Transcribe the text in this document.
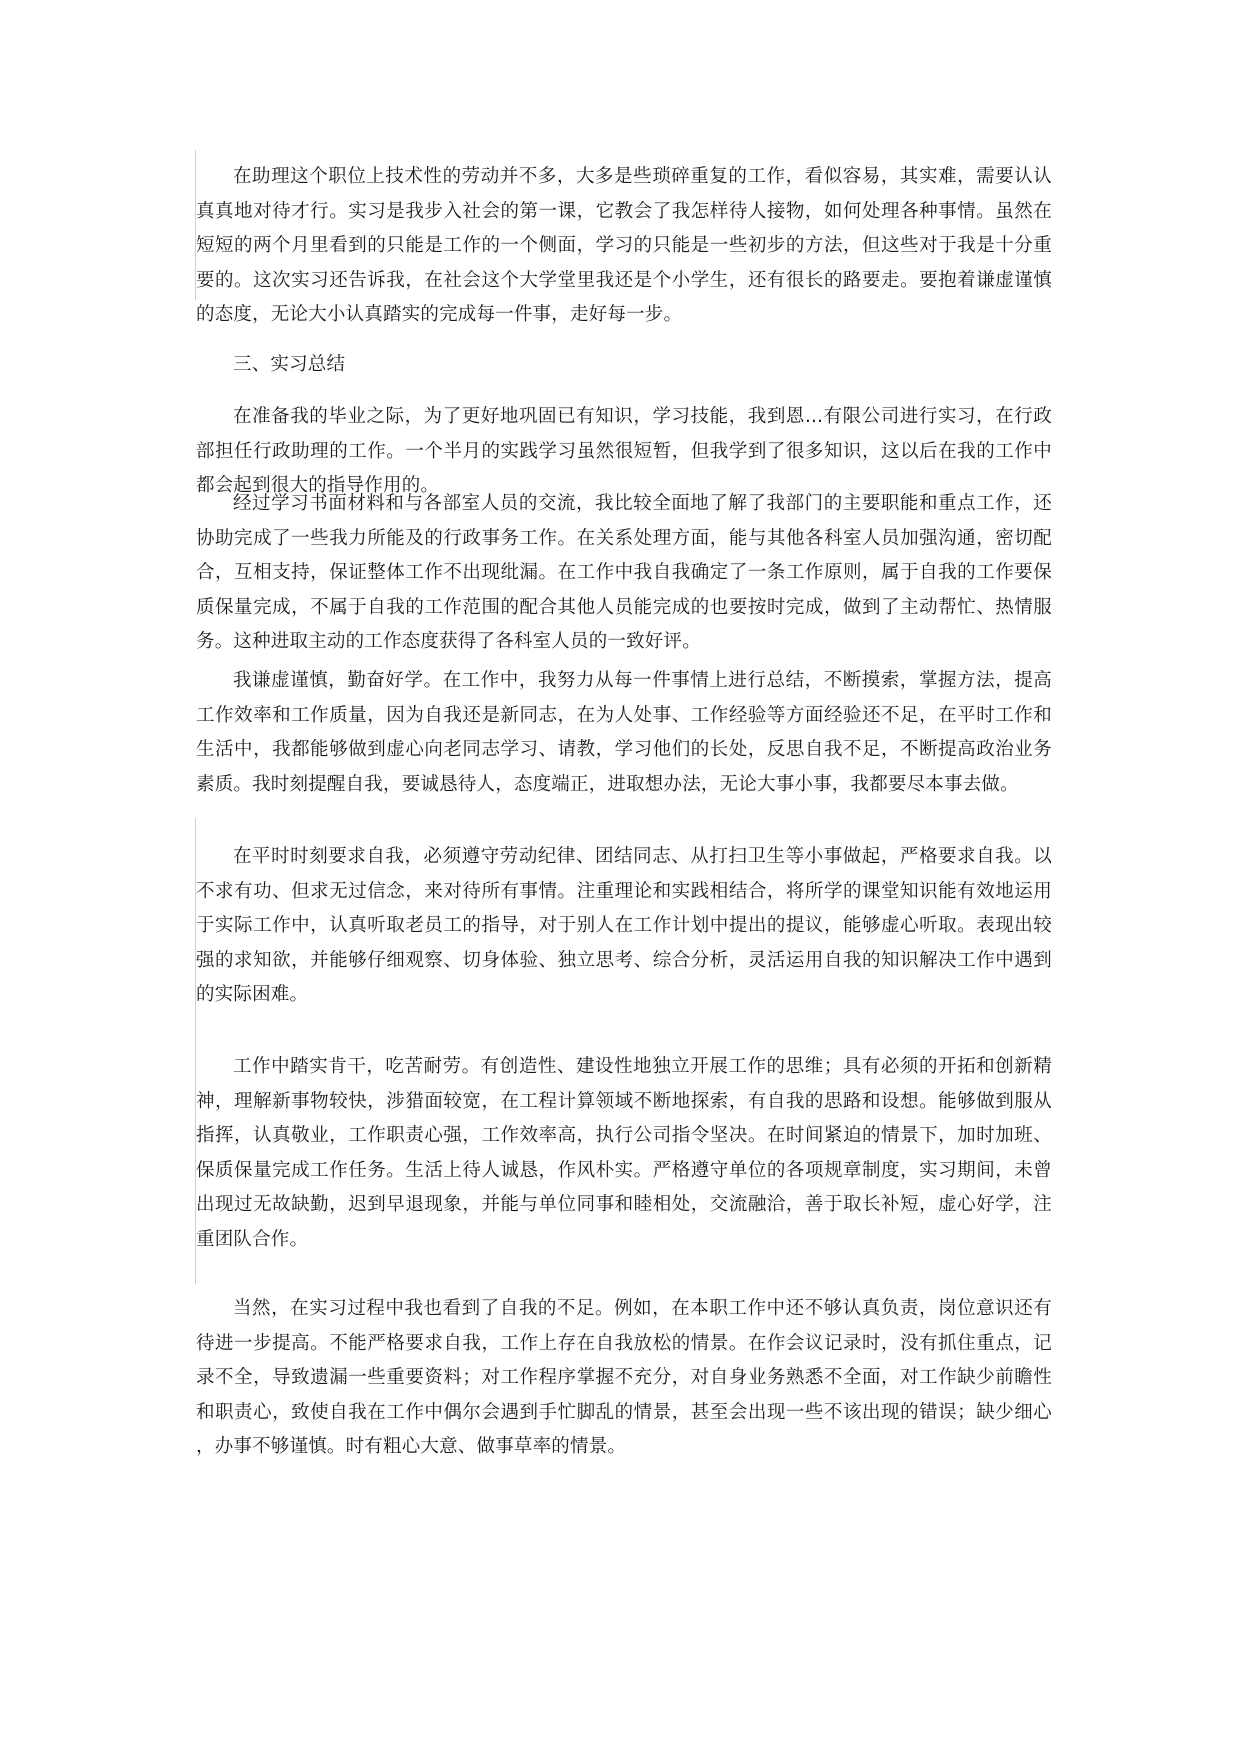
在助理这个职位上技术性的劳动并不多，大多是些琐碎重复的工作，看似容易，其实难，需要认认真真地对待才行。实习是我步入社会的第一课，它教会了我怎样待人接物，如何处理各种事情。虽然在短短的两个月里看到的只能是工作的一个侧面，学习的只能是一些初步的方法，但这些对于我是十分重要的。这次实习还告诉我，在社会这个大学堂里我还是个小学生，还有很长的路要走。要抱着谦虚谨慎的态度，无论大小认真踏实的完成每一件事，走好每一步。

三、实习总结

在准备我的毕业之际，为了更好地巩固已有知识，学习技能，我到恩...有限公司进行实习，在行政部担任行政助理的工作。一个半月的实践学习虽然很短暂，但我学到了很多知识，这以后在我的工作中都会起到很大的指导作用的。

经过学习书面材料和与各部室人员的交流，我比较全面地了解了我部门的主要职能和重点工作，还协助完成了一些我力所能及的行政事务工作。在关系处理方面，能与其他各科室人员加强沟通，密切配合，互相支持，保证整体工作不出现纰漏。在工作中我自我确定了一条工作原则，属于自我的工作要保质保量完成，不属于自我的工作范围的配合其他人员能完成的也要按时完成，做到了主动帮忙、热情服务。这种进取主动的工作态度获得了各科室人员的一致好评。

我谦虚谨慎，勤奋好学。在工作中，我努力从每一件事情上进行总结，不断摸索，掌握方法，提高工作效率和工作质量，因为自我还是新同志，在为人处事、工作经验等方面经验还不足，在平时工作和生活中，我都能够做到虚心向老同志学习、请教，学习他们的长处，反思自我不足，不断提高政治业务素质。我时刻提醒自我，要诚恳待人，态度端正，进取想办法，无论大事小事，我都要尽本事去做。

在平时时刻要求自我，必须遵守劳动纪律、团结同志、从打扫卫生等小事做起，严格要求自我。以不求有功、但求无过信念，来对待所有事情。注重理论和实践相结合，将所学的课堂知识能有效地运用于实际工作中，认真听取老员工的指导，对于别人在工作计划中提出的提议，能够虚心听取。表现出较强的求知欲，并能够仔细观察、切身体验、独立思考、综合分析，灵活运用自我的知识解决工作中遇到的实际困难。

工作中踏实肯干，吃苦耐劳。有创造性、建设性地独立开展工作的思维；具有必须的开拓和创新精神，理解新事物较快，涉猎面较宽，在工程计算领域不断地探索，有自我的思路和设想。能够做到服从指挥，认真敬业，工作职责心强，工作效率高，执行公司指令坚决。在时间紧迫的情景下，加时加班、保质保量完成工作任务。生活上待人诚恳，作风朴实。严格遵守单位的各项规章制度，实习期间，未曾出现过无故缺勤，迟到早退现象，并能与单位同事和睦相处，交流融洽，善于取长补短，虚心好学，注重团队合作。

当然，在实习过程中我也看到了自我的不足。例如，在本职工作中还不够认真负责，岗位意识还有待进一步提高。不能严格要求自我，工作上存在自我放松的情景。在作会议记录时，没有抓住重点，记录不全，导致遗漏一些重要资料；对工作程序掌握不充分，对自身业务熟悉不全面，对工作缺少前瞻性和职责心，致使自我在工作中偶尔会遇到手忙脚乱的情景，甚至会出现一些不该出现的错误；缺少细心，办事不够谨慎。时有粗心大意、做事草率的情景。
